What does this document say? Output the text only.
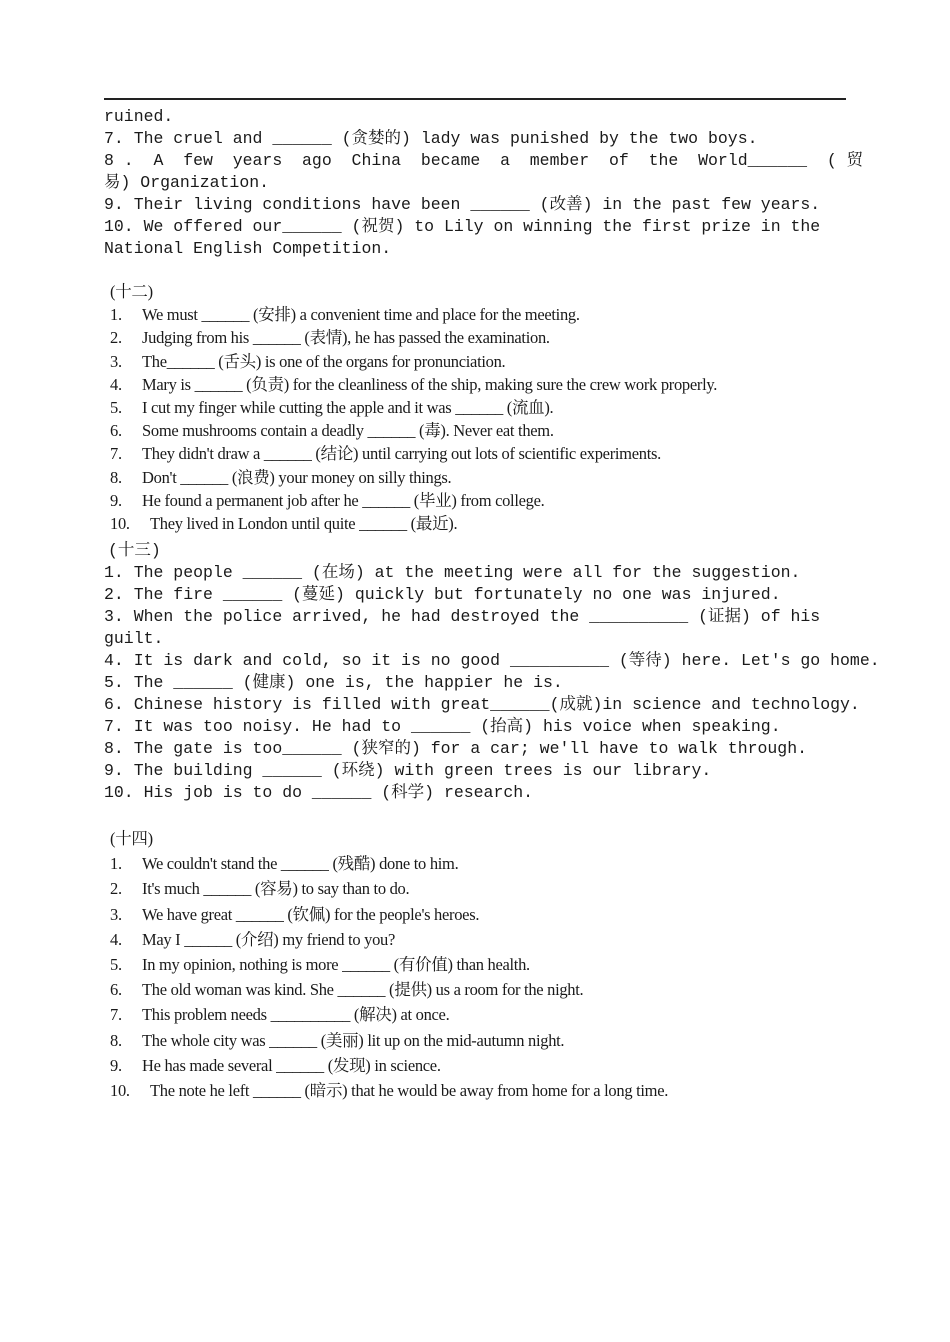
ruined.
7. The cruel and ______ (贪婪的) lady was punished by the two boys.
8 .  A  few  years  ago  China  became  a  member  of  the  World______  ( 贸
易) Organization.
9. Their living conditions have been ______ (改善) in the past few years.
10. We offered our______ (祝贺) to Lily on winning the first prize in the
National English Competition.
(十二)
1. We must ______ (安排) a convenient time and place for the meeting.
2. Judging from his ______ (表情), he has passed the examination.
3. The______ (舌头) is one of the organs for pronunciation.
4. Mary is ______ (负责) for the cleanliness of the ship, making sure the crew work properly.
5. I cut my finger while cutting the apple and it was ______ (流血).
6. Some mushrooms contain a deadly ______ (毒). Never eat them.
7. They didn't draw a ______ (结论) until carrying out lots of scientific experiments.
8. Don't ______ (浪费) your money on silly things.
9. He found a permanent job after he ______ (毕业) from college.
10. They lived in London until quite ______ (最近).
(十三)
1. The people ______ (在场) at the meeting were all for the suggestion.
2. The fire ______ (蔓延) quickly but fortunately no one was injured.
3. When the police arrived, he had destroyed the __________ (证据) of his
guilt.
4. It is dark and cold, so it is no good __________ (等待) here. Let's go home.
5. The ______ (健康) one is, the happier he is.
6. Chinese history is filled with great______(成就)in science and technology.
7. It was too noisy. He had to ______ (抬高) his voice when speaking.
8. The gate is too______ (狭窄的) for a car; we'll have to walk through.
9. The building ______ (环绕) with green trees is our library.
10. His job is to do ______ (科学) research.
(十四)
1. We couldn't stand the ______ (残酷) done to him.
2. It's much ______ (容易) to say than to do.
3. We have great ______ (钦佩) for the people's heroes.
4. May I ______ (介绍) my friend to you?
5. In my opinion, nothing is more ______ (有价值) than health.
6. The old woman was kind. She ______ (提供) us a room for the night.
7. This problem needs __________ (解决) at once.
8. The whole city was ______ (美丽) lit up on the mid-autumn night.
9. He has made several ______ (发现) in science.
10. The note he left ______ (暗示) that he would be away from home for a long time.
